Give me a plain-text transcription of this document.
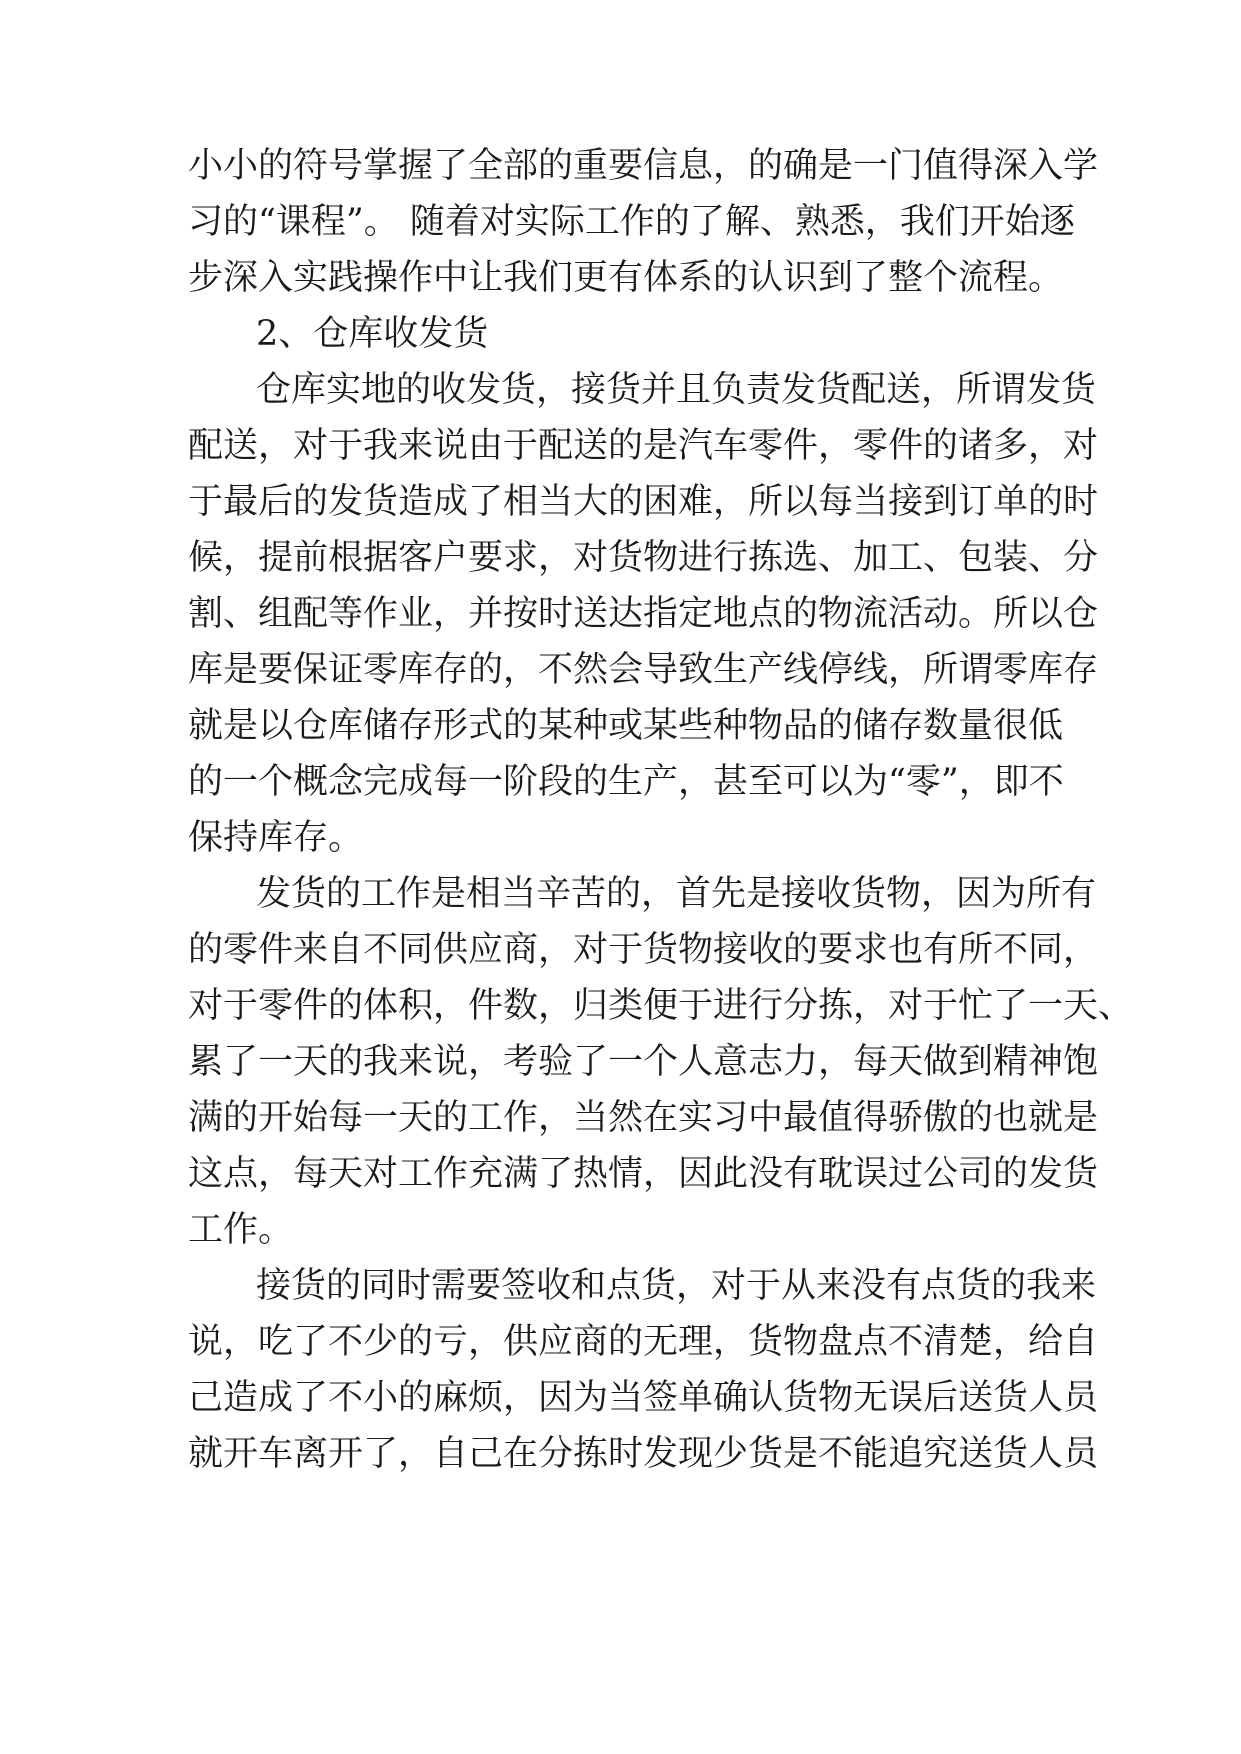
小小的符号掌握了全部的重要信息，的确是一门值得深入学

习的“课程”。 随着对实际工作的了解、熟悉，我们开始逐

步深入实践操作中让我们更有体系的认识到了整个流程。

2、仓库收发货

仓库实地的收发货，接货并且负责发货配送，所谓发货

配送，对于我来说由于配送的是汽车零件，零件的诸多，对

于最后的发货造成了相当大的困难，所以每当接到订单的时

候，提前根据客户要求，对货物进行拣选、加工、包装、分

割、组配等作业，并按时送达指定地点的物流活动。所以仓

库是要保证零库存的，不然会导致生产线停线，所谓零库存

就是以仓库储存形式的某种或某些种物品的储存数量很低

的一个概念完成每一阶段的生产，甚至可以为“零”，即不

保持库存。

发货的工作是相当辛苦的，首先是接收货物，因为所有

的零件来自不同供应商，对于货物接收的要求也有所不同，

对于零件的体积，件数，归类便于进行分拣，对于忙了一天、

累了一天的我来说，考验了一个人意志力，每天做到精神饱

满的开始每一天的工作，当然在实习中最值得骄傲的也就是

这点，每天对工作充满了热情，因此没有耽误过公司的发货

工作。

接货的同时需要签收和点货，对于从来没有点货的我来

说，吃了不少的亏，供应商的无理，货物盘点不清楚，给自

己造成了不小的麻烦，因为当签单确认货物无误后送货人员

就开车离开了，自己在分拣时发现少货是不能追究送货人员
